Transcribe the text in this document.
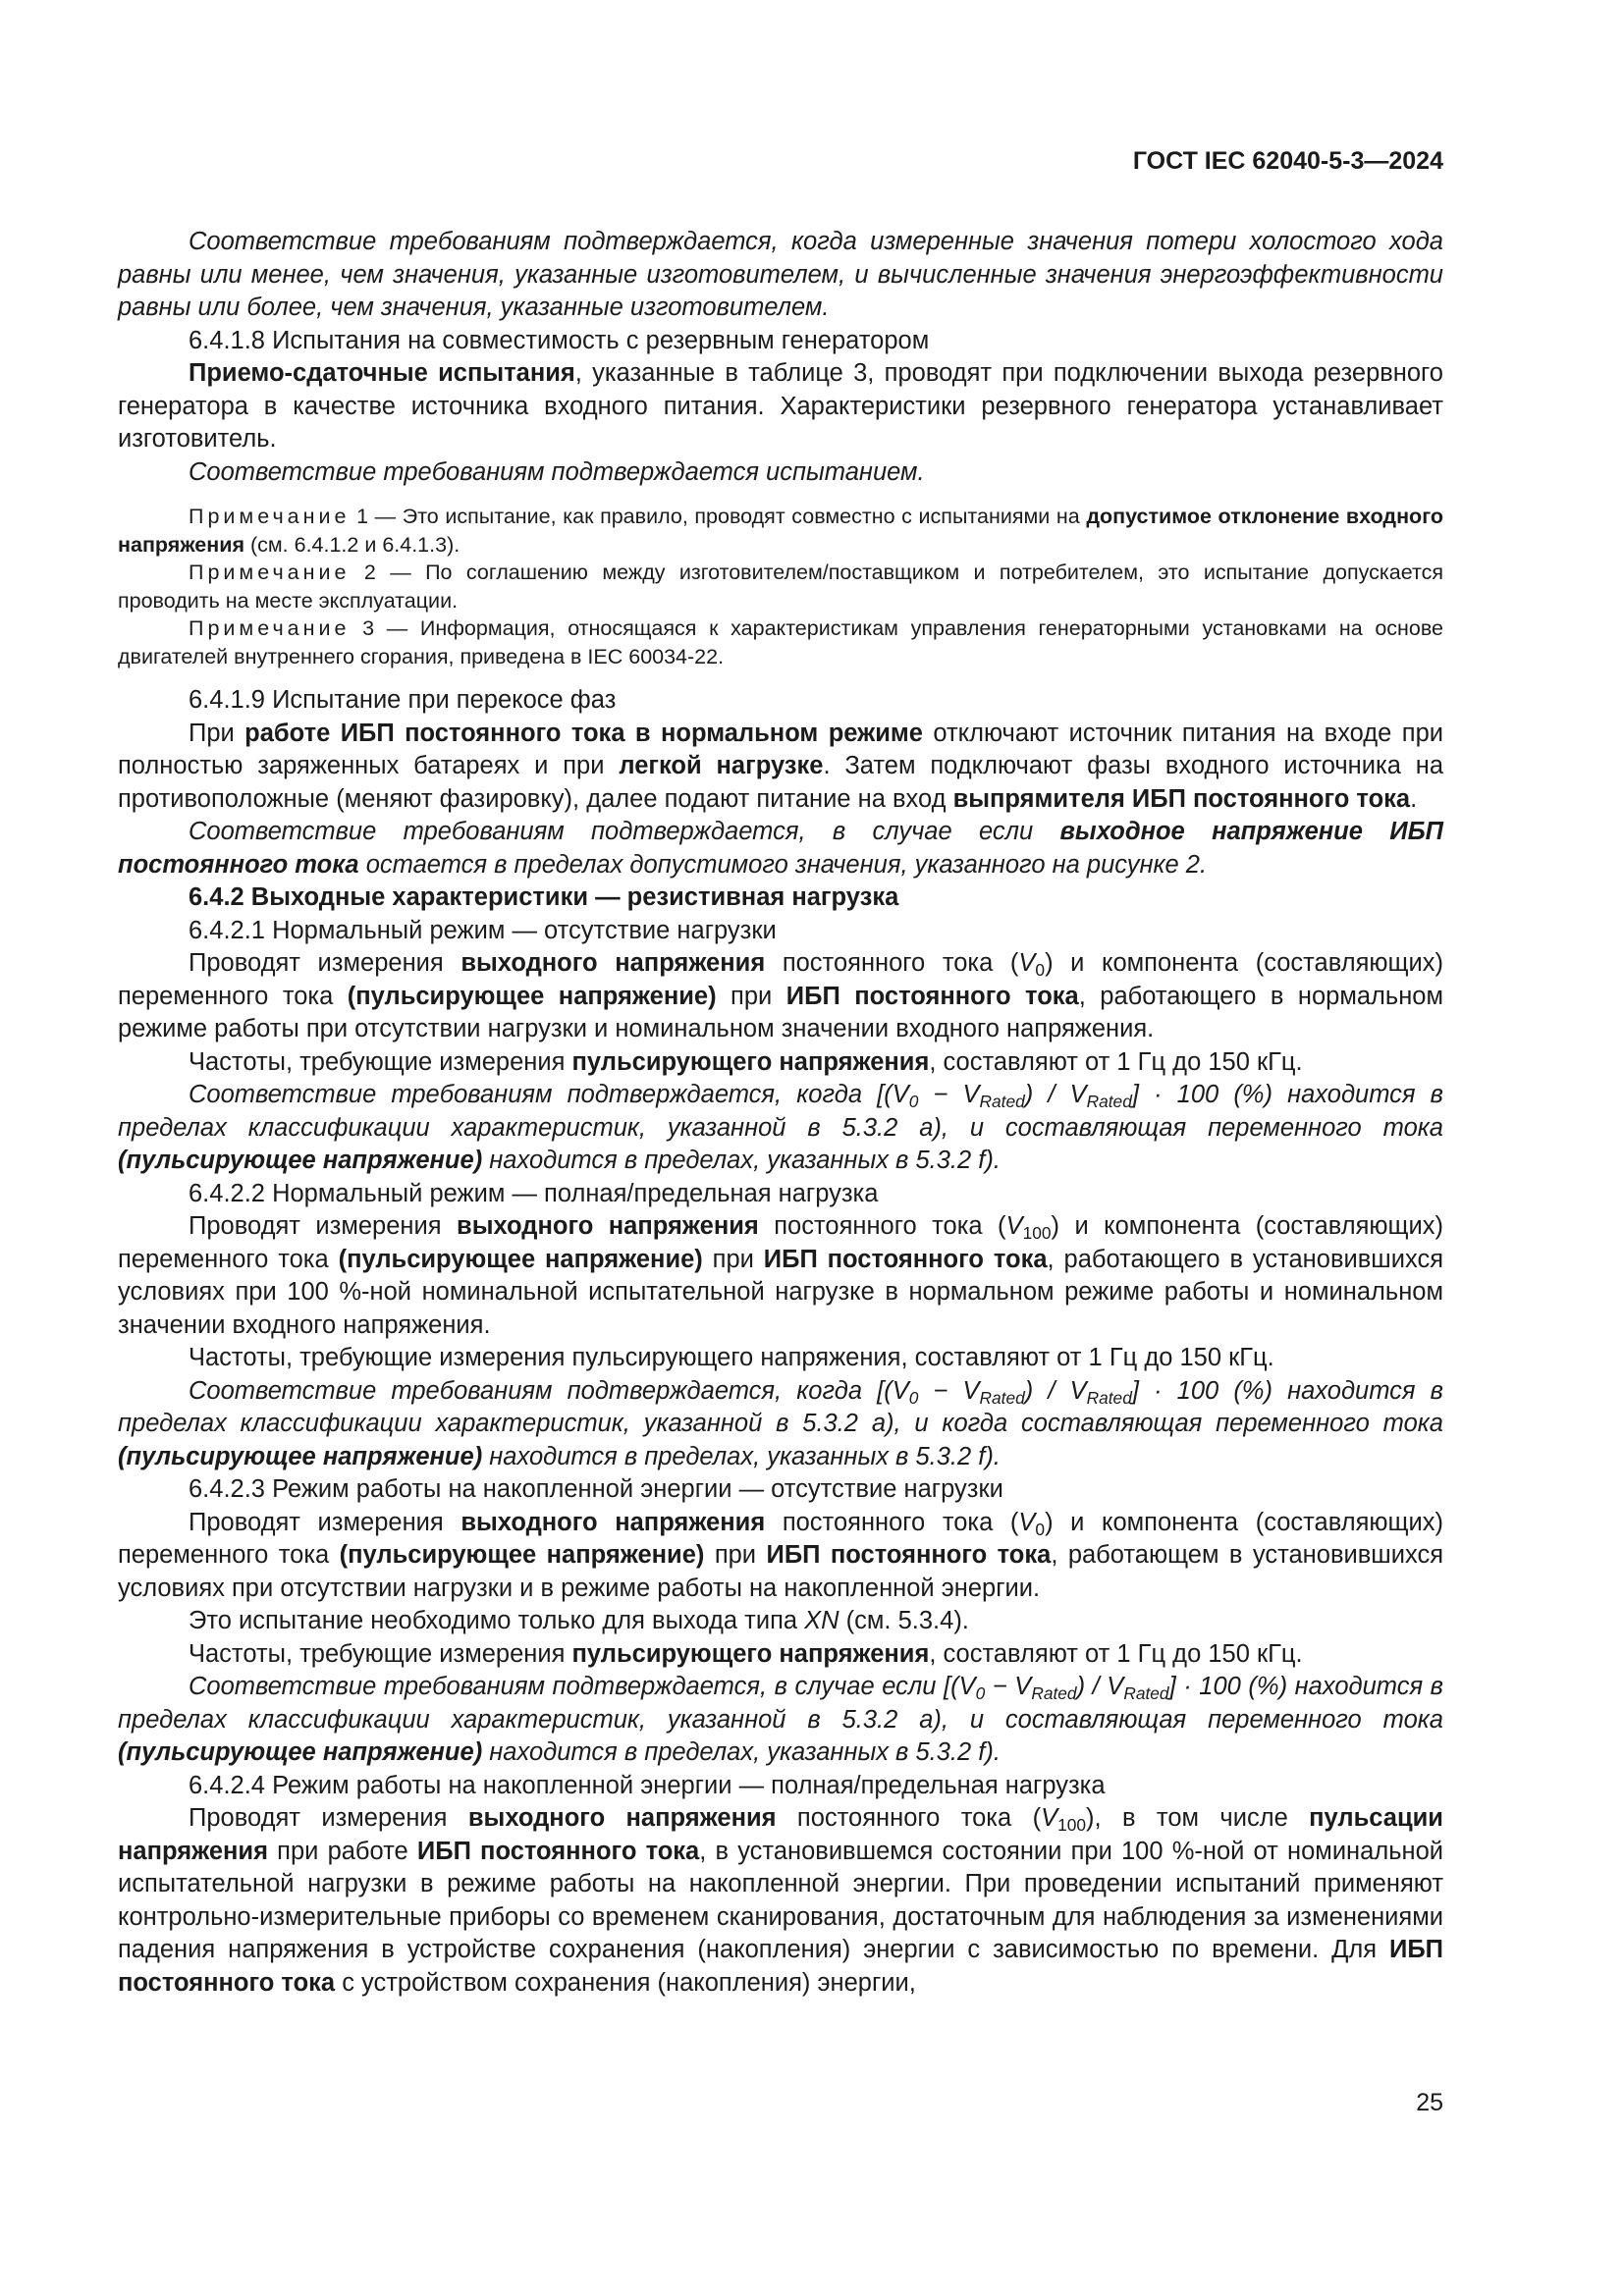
ГОСТ IEC 62040-5-3—2024

Соответствие требованиям подтверждается, когда измеренные значения потери холостого хода равны или менее, чем значения, указанные изготовителем, и вычисленные значения энергоэффективности равны или более, чем значения, указанные изготовителем.

6.4.1.8 Испытания на совместимость с резервным генератором

Приемо-сдаточные испытания, указанные в таблице 3, проводят при подключении выхода резервного генератора в качестве источника входного питания. Характеристики резервного генератора устанавливает изготовитель.

Соответствие требованиям подтверждается испытанием.

Примечание 1 — Это испытание, как правило, проводят совместно с испытаниями на допустимое отклонение входного напряжения (см. 6.4.1.2 и 6.4.1.3).

Примечание 2 — По соглашению между изготовителем/поставщиком и потребителем, это испытание допускается проводить на месте эксплуатации.

Примечание 3 — Информация, относящаяся к характеристикам управления генераторными установками на основе двигателей внутреннего сгорания, приведена в IEC 60034-22.

6.4.1.9 Испытание при перекосе фаз

При работе ИБП постоянного тока в нормальном режиме отключают источник питания на входе при полностью заряженных батареях и при легкой нагрузке. Затем подключают фазы входного источника на противоположные (меняют фазировку), далее подают питание на вход выпрямителя ИБП постоянного тока.

Соответствие требованиям подтверждается, в случае если выходное напряжение ИБП постоянного тока остается в пределах допустимого значения, указанного на рисунке 2.

6.4.2 Выходные характеристики — резистивная нагрузка

6.4.2.1 Нормальный режим — отсутствие нагрузки

Проводят измерения выходного напряжения постоянного тока $(V_0)$ и компонента (составляющих) переменного тока (пульсирующее напряжение) при ИБП постоянного тока, работающего в нормальном режиме работы при отсутствии нагрузки и номинальном значении входного напряжения.

Частоты, требующие измерения пульсирующего напряжения, составляют от 1 Гц до 150 кГц.

Соответствие требованиям подтверждается, когда $[(V_0 - V_{Rated}) / V_{Rated}] \cdot 100$ (%) находится в пределах классификации характеристик, указанной в 5.3.2 а), и составляющая переменного тока (пульсирующее напряжение) находится в пределах, указанных в 5.3.2 f).

6.4.2.2 Нормальный режим — полная/предельная нагрузка

Проводят измерения выходного напряжения постоянного тока $(V_{100})$ и компонента (составляющих) переменного тока (пульсирующее напряжение) при ИБП постоянного тока, работающего в установившихся условиях при 100 %-ной номинальной испытательной нагрузке в нормальном режиме работы и номинальном значении входного напряжения.

Частоты, требующие измерения пульсирующего напряжения, составляют от 1 Гц до 150 кГц.

Соответствие требованиям подтверждается, когда $[(V_0 - V_{Rated}) / V_{Rated}] \cdot 100$ (%) находится в пределах классификации характеристик, указанной в 5.3.2 а), и когда составляющая переменного тока (пульсирующее напряжение) находится в пределах, указанных в 5.3.2 f).

6.4.2.3 Режим работы на накопленной энергии — отсутствие нагрузки

Проводят измерения выходного напряжения постоянного тока $(V_0)$ и компонента (составляющих) переменного тока (пульсирующее напряжение) при ИБП постоянного тока, работающем в установившихся условиях при отсутствии нагрузки и в режиме работы на накопленной энергии.

Это испытание необходимо только для выхода типа XN (см. 5.3.4).

Частоты, требующие измерения пульсирующего напряжения, составляют от 1 Гц до 150 кГц.

Соответствие требованиям подтверждается, в случае если $[(V_0 - V_{Rated}) / V_{Rated}] \cdot 100$ (%) находится в пределах классификации характеристик, указанной в 5.3.2 а), и составляющая переменного тока (пульсирующее напряжение) находится в пределах, указанных в 5.3.2 f).

6.4.2.4 Режим работы на накопленной энергии — полная/предельная нагрузка

Проводят измерения выходного напряжения постоянного тока $(V_{100})$, в том числе пульсации напряжения при работе ИБП постоянного тока, в установившемся состоянии при 100 %-ной от номинальной испытательной нагрузки в режиме работы на накопленной энергии. При проведении испытаний применяют контрольно-измерительные приборы со временем сканирования, достаточным для наблюдения за изменениями падения напряжения в устройстве сохранения (накопления) энергии с зависимостью по времени. Для ИБП постоянного тока с устройством сохранения (накопления) энергии,

25
